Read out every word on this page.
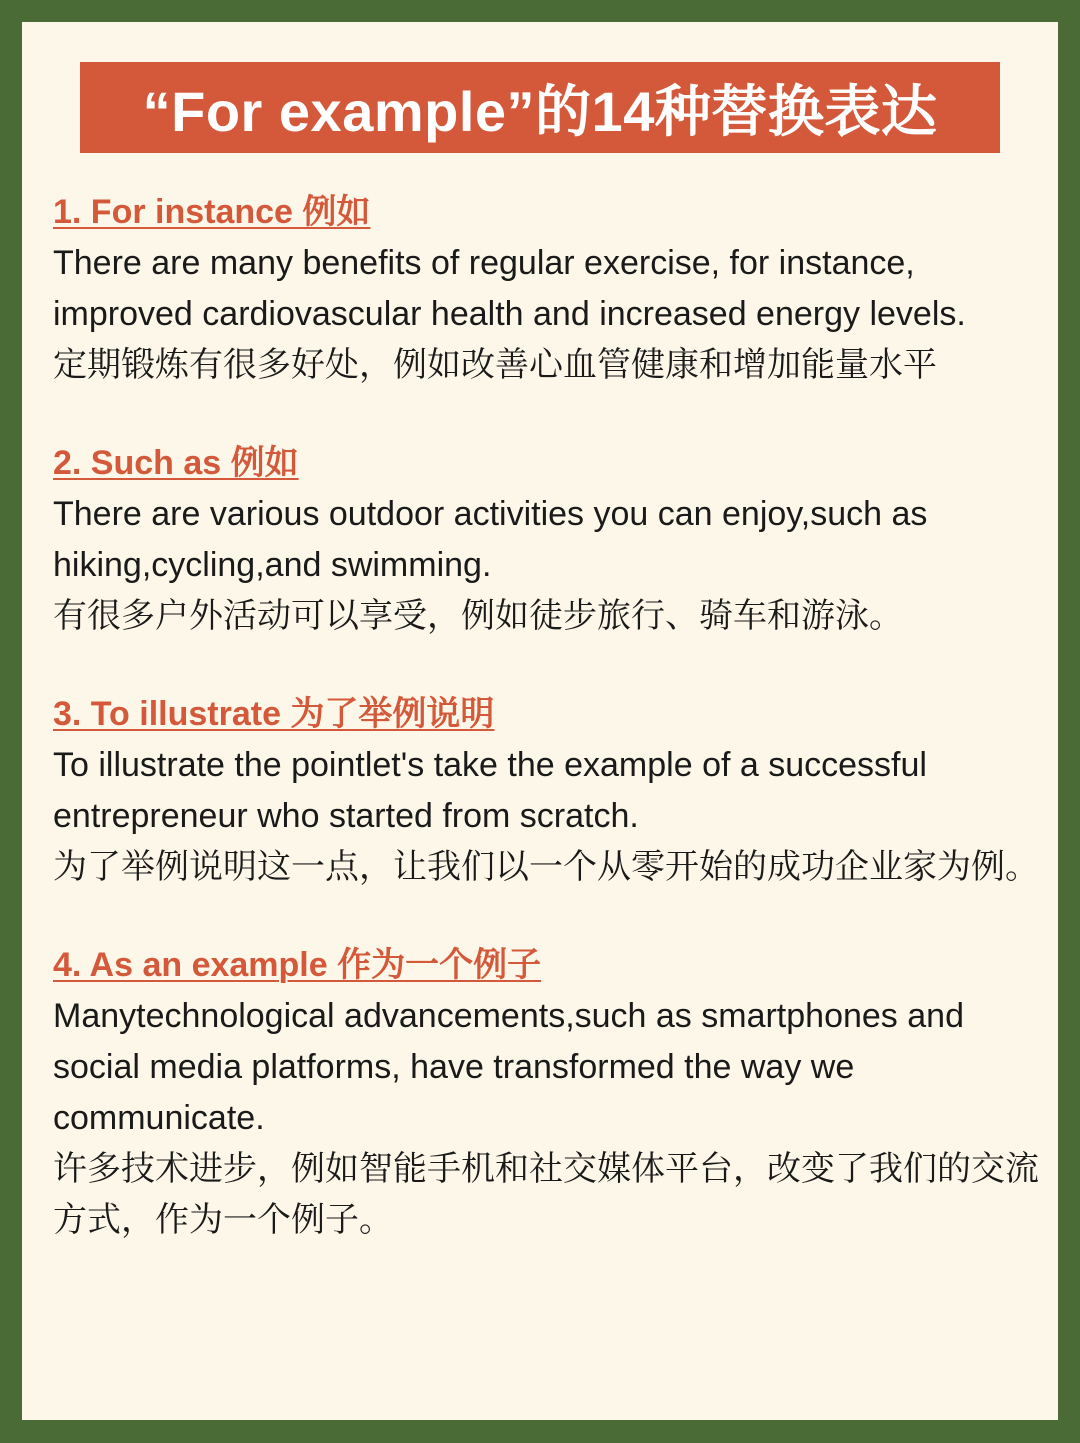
“For example”的14种替换表达
1. For instance 例如
There are many benefits of regular exercise, for instance, improved cardiovascular health and increased energy levels.
定期锻炼有很多好处，例如改善心血管健康和增加能量水平
2. Such as 例如
There are various outdoor activities you can enjoy,such as hiking,cycling,and swimming.
有很多户外活动可以享受，例如徒步旅行、骑车和游泳。
3. To illustrate 为了举例说明
To illustrate the pointlet's take the example of a successful entrepreneur who started from scratch.
为了举例说明这一点，让我们以一个从零开始的成功企业家为例。
4. As an example 作为一个例子
Manytechnological advancements,such as smartphones and social media platforms, have transformed the way we communicate.
许多技术进步，例如智能手机和社交媒体平台，改变了我们的交流方式，作为一个例子。
